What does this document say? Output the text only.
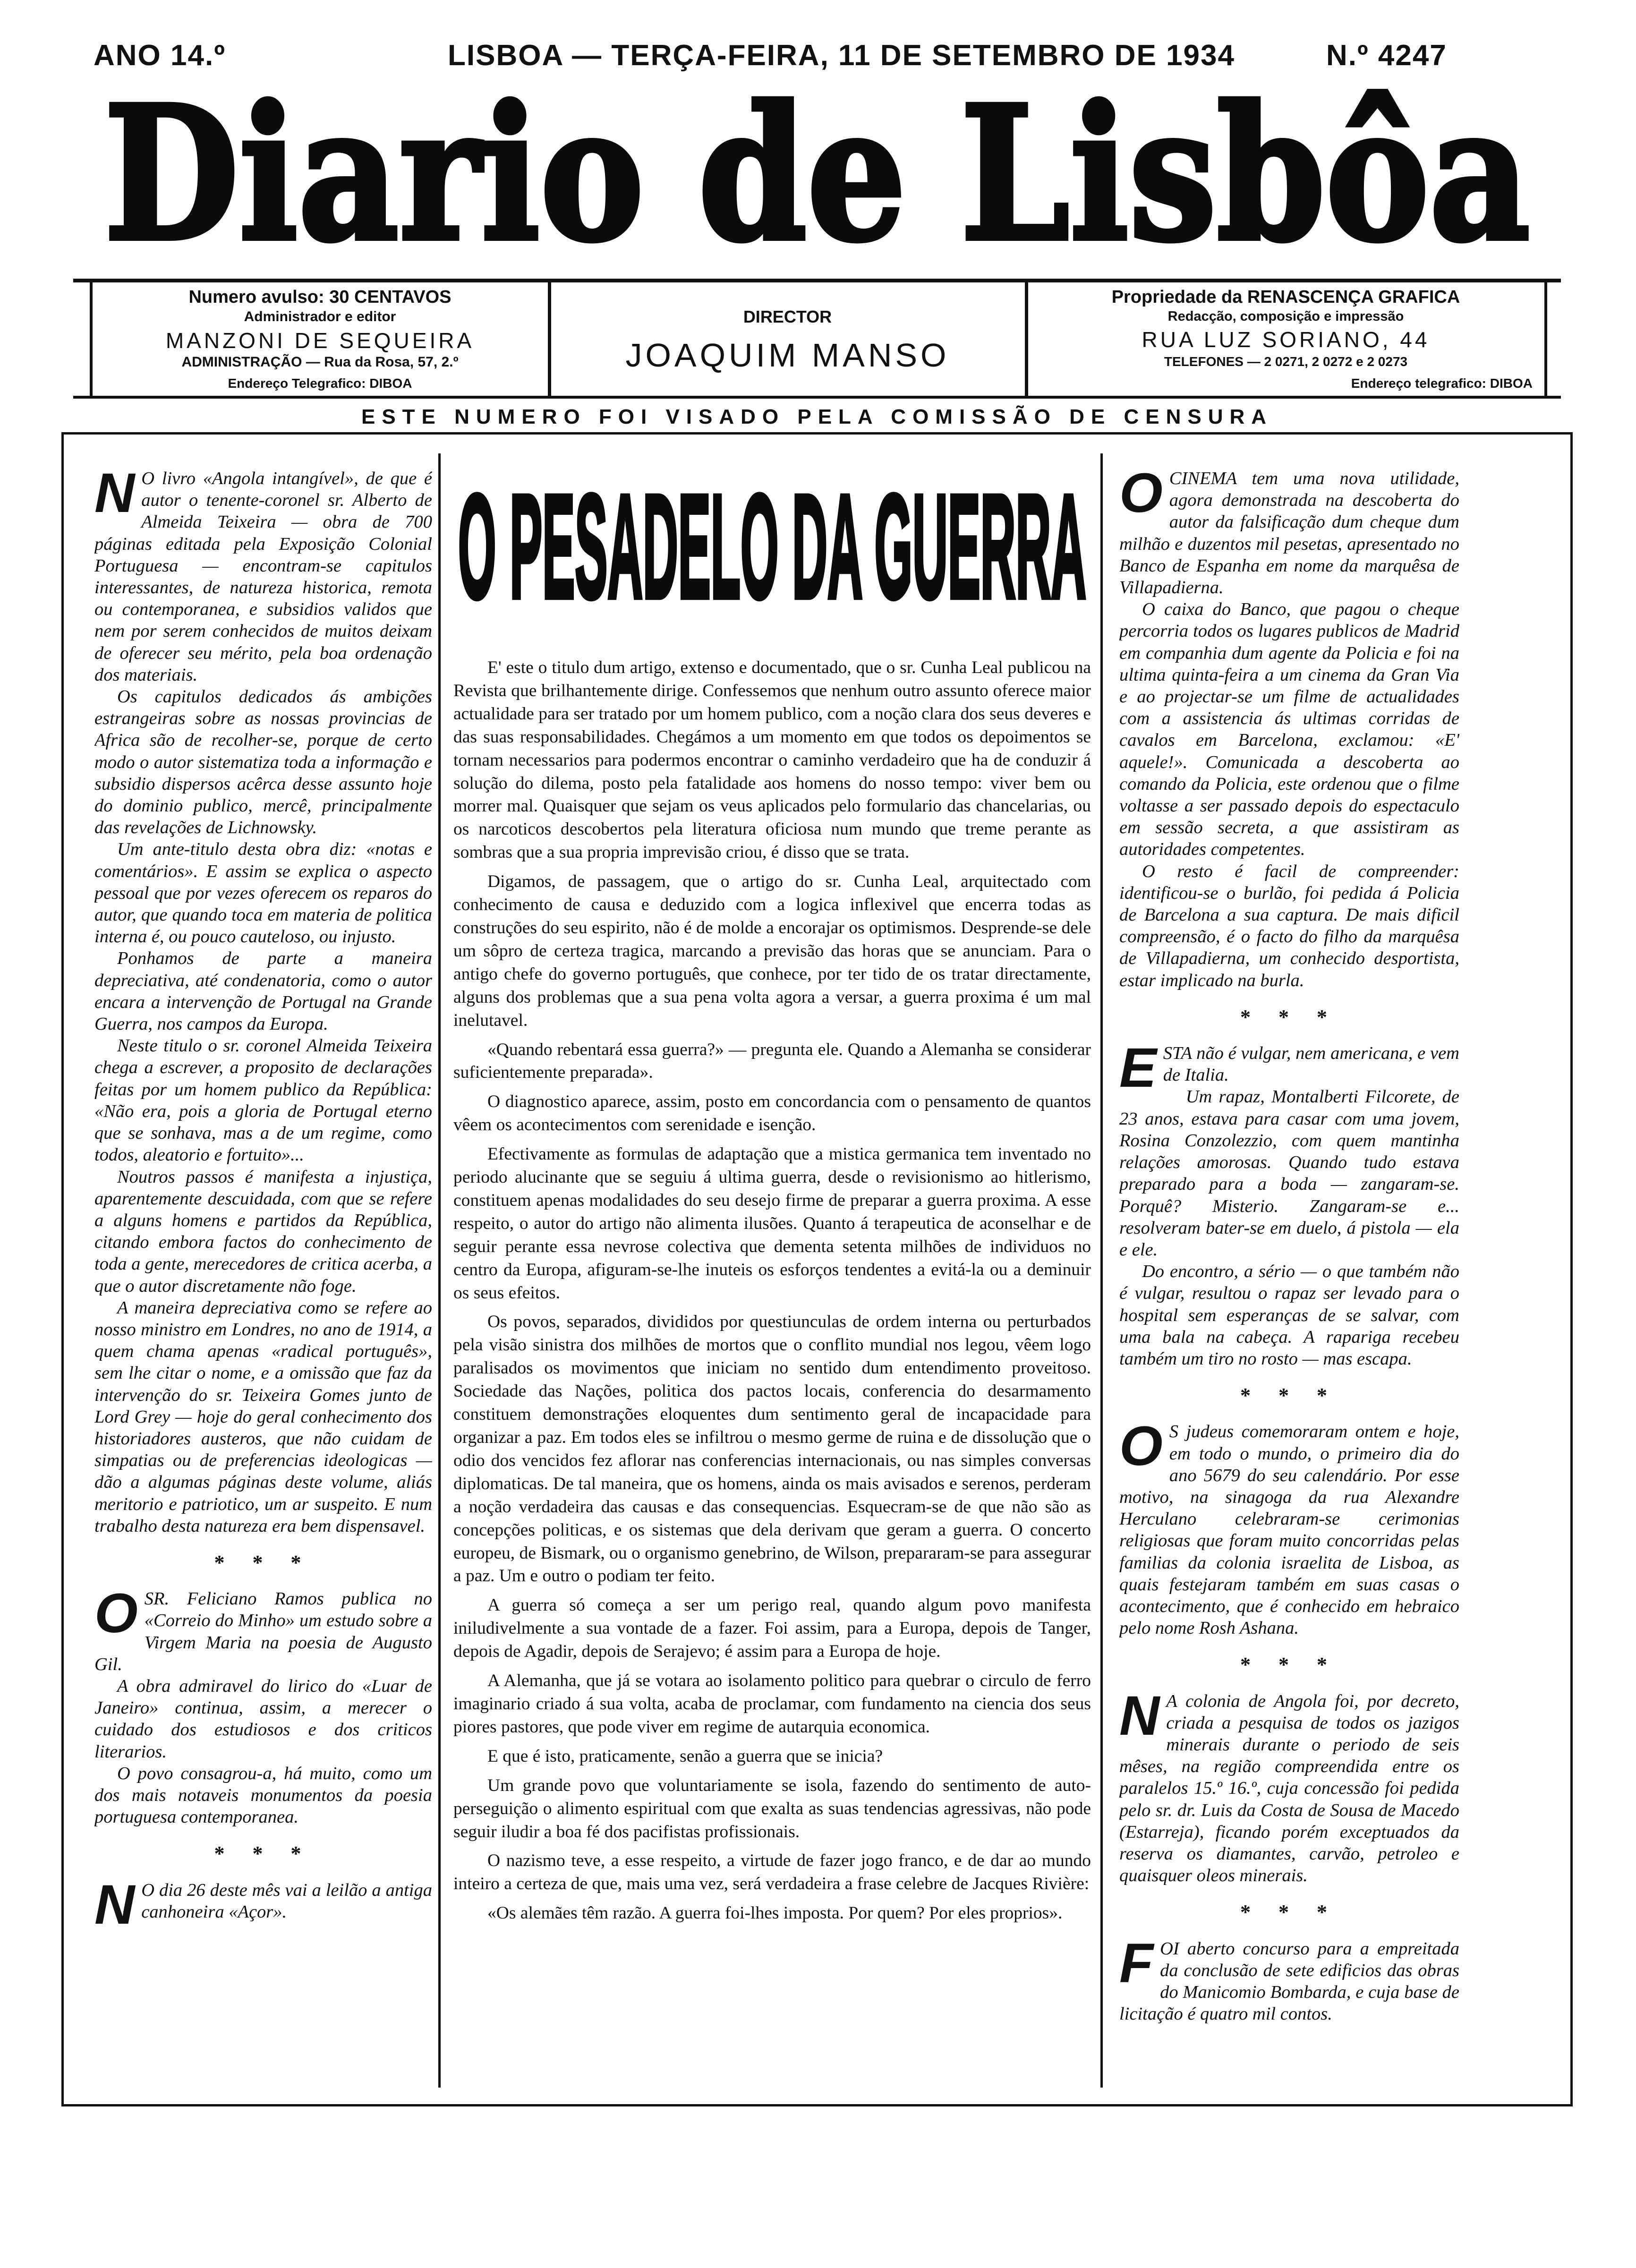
ANO 14.º	LISBOA — TERÇA-FEIRA, 11 DE SETEMBRO DE 1934	N.º 4247
Diario de Lisbôa
Numero avulso: 30 CENTAVOS
Administrador e editor
MANZONI DE SEQUEIRA
ADMINISTRAÇÃO — Rua da Rosa, 57, 2.º
Endereço Telegrafico: DIBOA
DIRECTOR
JOAQUIM MANSO
Propriedade da RENASCENÇA GRAFICA
Redacção, composição e impressão
RUA LUZ SORIANO, 44
TELEFONES — 2 0271, 2 0272 e 2 0273
Endereço telegrafico: DIBOA
ESTE NUMERO FOI VISADO PELA COMISSÃO DE CENSURA
N O livro «Angola intangível», de que é autor o tenente-coronel sr. Alberto de Almeida Teixeira — obra de 700 páginas editada pela Exposição Colonial Portuguesa — encontram-se capitulos interessantes, de natureza historica, remota ou contemporanea, e subsidios validos que nem por serem conhecidos de muitos deixam de oferecer seu mérito, pela boa ordenação dos materiais.

Os capitulos dedicados ás ambições estrangeiras sobre as nossas provincias de Africa são de recolher-se, porque de certo modo o autor sistematiza toda a informação e subsidio dispersos acêrca desse assunto hoje do dominio publico, mercê, principalmente das revelações de Lichnowsky.

Um ante-titulo desta obra diz: «notas e comentários». E assim se explica o aspecto pessoal que por vezes oferecem os reparos do autor, que quando toca em materia de politica interna é, ou pouco cauteloso, ou injusto.

Ponhamos de parte a maneira depreciativa, até condenatoria, como o autor encara a intervenção de Portugal na Grande Guerra, nos campos da Europa.

Neste titulo o sr. coronel Almeida Teixeira chega a escrever, a proposito de declarações feitas por um homem publico da República: «Não era, pois a gloria de Portugal eterno que se sonhava, mas a de um regime, como todos, aleatorio e fortuito»...

Noutros passos é manifesta a injustiça, aparentemente descuidada, com que se refere a alguns homens e partidos da República, citando embora factos do conhecimento de toda a gente, merecedores de critica acerba, a que o autor discretamente não foge.

A maneira depreciativa como se refere ao nosso ministro em Londres, no ano de 1914, a quem chama apenas «radical português», sem lhe citar o nome, e a omissão que faz da intervenção do sr. Teixeira Gomes junto de Lord Grey — hoje do geral conhecimento dos historiadores austeros, que não cuidam de simpatias ou de preferencias ideologicas — dão a algumas páginas deste volume, aliás meritorio e patriotico, um ar suspeito. E num trabalho desta natureza era bem dispensavel.

* * *
O SR. Feliciano Ramos publica no «Correio do Minho» um estudo sobre a Virgem Maria na poesia de Augusto Gil.

A obra admiravel do lirico do «Luar de Janeiro» continua, assim, a merecer o cuidado dos estudiosos e dos criticos literarios.

O povo consagrou-a, há muito, como um dos mais notaveis monumentos da poesia portuguesa contemporanea.

* * *
N O dia 26 deste mês vai a leilão a antiga canhoneira «Açor».

O PESADELO DA GUERRA

E' este o titulo dum artigo, extenso e documentado, que o sr. Cunha Leal publicou na Revista que brilhantemente dirige. Confessemos que nenhum outro assunto oferece maior actualidade para ser tratado por um homem publico, com a noção clara dos seus deveres e das suas responsabilidades. Chegámos a um momento em que todos os depoimentos se tornam necessarios para podermos encontrar o caminho verdadeiro que ha de conduzir á solução do dilema, posto pela fatalidade aos homens do nosso tempo: viver bem ou morrer mal. Quaisquer que sejam os veus aplicados pelo formulario das chancelarias, ou os narcoticos descobertos pela literatura oficiosa num mundo que treme perante as sombras que a sua propria imprevisão criou, é disso que se trata.

Digamos, de passagem, que o artigo do sr. Cunha Leal, arquitectado com conhecimento de causa e deduzido com a logica inflexivel que encerra todas as construções do seu espirito, não é de molde a encorajar os optimismos. Desprende-se dele um sôpro de certeza tragica, marcando a previsão das horas que se anunciam. Para o antigo chefe do governo português, que conhece, por ter tido de os tratar directamente, alguns dos problemas que a sua pena volta agora a versar, a guerra proxima é um mal inelutavel.

«Quando rebentará essa guerra?» — pregunta ele. Quando a Alemanha se considerar suficientemente preparada».

O diagnostico aparece, assim, posto em concordancia com o pensamento de quantos vêem os acontecimentos com serenidade e isenção.

Efectivamente as formulas de adaptação que a mistica germanica tem inventado no periodo alucinante que se seguiu á ultima guerra, desde o revisionismo ao hitlerismo, constituem apenas modalidades do seu desejo firme de preparar a guerra proxima. A esse respeito, o autor do artigo não alimenta ilusões. Quanto á terapeutica de aconselhar e de seguir perante essa nevrose colectiva que dementa setenta milhões de individuos no centro da Europa, afiguram-se-lhe inuteis os esforços tendentes a evitá-la ou a deminuir os seus efeitos.

Os povos, separados, divididos por questiunculas de ordem interna ou perturbados pela visão sinistra dos milhões de mortos que o conflito mundial nos legou, vêem logo paralisados os movimentos que iniciam no sentido dum entendimento proveitoso. Sociedade das Nações, politica dos pactos locais, conferencia do desarmamento constituem demonstrações eloquentes dum sentimento geral de incapacidade para organizar a paz. Em todos eles se infiltrou o mesmo germe de ruina e de dissolução que o odio dos vencidos fez aflorar nas conferencias internacionais, ou nas simples conversas diplomaticas. De tal maneira, que os homens, ainda os mais avisados e serenos, perderam a noção verdadeira das causas e das consequencias. Esquecram-se de que não são as concepções politicas, e os sistemas que dela derivam que geram a guerra. O concerto europeu, de Bismark, ou o organismo genebrino, de Wilson, prepararam-se para assegurar a paz. Um e outro o podiam ter feito.

A guerra só começa a ser um perigo real, quando algum povo manifesta iniludivelmente a sua vontade de a fazer. Foi assim, para a Europa, depois de Tanger, depois de Agadir, depois de Serajevo; é assim para a Europa de hoje.

A Alemanha, que já se votara ao isolamento politico para quebrar o circulo de ferro imaginario criado á sua volta, acaba de proclamar, com fundamento na ciencia dos seus piores pastores, que pode viver em regime de autarquia economica.

E que é isto, praticamente, senão a guerra que se inicia?

Um grande povo que voluntariamente se isola, fazendo do sentimento de auto-perseguição o alimento espiritual com que exalta as suas tendencias agressivas, não pode seguir iludir a boa fé dos pacifistas profissionais.

O nazismo teve, a esse respeito, a virtude de fazer jogo franco, e de dar ao mundo inteiro a certeza de que, mais uma vez, será verdadeira a frase celebre de Jacques Rivière:

«Os alemães têm razão. A guerra foi-lhes imposta. Por quem? Por eles proprios».

O CINEMA tem uma nova utilidade, agora demonstrada na descoberta do autor da falsificação dum cheque dum milhão e duzentos mil pesetas, apresentado no Banco de Espanha em nome da marquêsa de Villapadierna.

O caixa do Banco, que pagou o cheque percorria todos os lugares publicos de Madrid em companhia dum agente da Policia e foi na ultima quinta-feira a um cinema da Gran Via e ao projectar-se um filme de actualidades com a assistencia ás ultimas corridas de cavalos em Barcelona, exclamou: «E' aquele!». Comunicada a descoberta ao comando da Policia, este ordenou que o filme voltasse a ser passado depois do espectaculo em sessão secreta, a que assistiram as autoridades competentes.

O resto é facil de compreender: identificou-se o burlão, foi pedida á Policia de Barcelona a sua captura. De mais dificil compreensão, é o facto do filho da marquêsa de Villapadierna, um conhecido desportista, estar implicado na burla.

* * *
E STA não é vulgar, nem americana, e vem de Italia.

Um rapaz, Montalberti Filcorete, de 23 anos, estava para casar com uma jovem, Rosina Conzolezzio, com quem mantinha relações amorosas. Quando tudo estava preparado para a boda — zangaram-se. Porquê? Misterio. Zangaram-se e... resolveram bater-se em duelo, á pistola — ela e ele.

Do encontro, a sério — o que também não é vulgar, resultou o rapaz ser levado para o hospital sem esperanças de se salvar, com uma bala na cabeça. A rapariga recebeu também um tiro no rosto — mas escapa.

* * *
O S judeus comemoraram ontem e hoje, em todo o mundo, o primeiro dia do ano 5679 do seu calendário. Por esse motivo, na sinagoga da rua Alexandre Herculano celebraram-se cerimonias religiosas que foram muito concorridas pelas familias da colonia israelita de Lisboa, as quais festejaram também em suas casas o acontecimento, que é conhecido em hebraico pelo nome Rosh Ashana.

* * *
N A colonia de Angola foi, por decreto, criada a pesquisa de todos os jazigos minerais durante o periodo de seis mêses, na região compreendida entre os paralelos 15.º 16.º, cuja concessão foi pedida pelo sr. dr. Luis da Costa de Sousa de Macedo (Estarreja), ficando porém exceptuados da reserva os diamantes, carvão, petroleo e quaisquer oleos minerais.

* * *
F OI aberto concurso para a empreitada da conclusão de sete edificios das obras do Manicomio Bombarda, e cuja base de licitação é quatro mil contos.
